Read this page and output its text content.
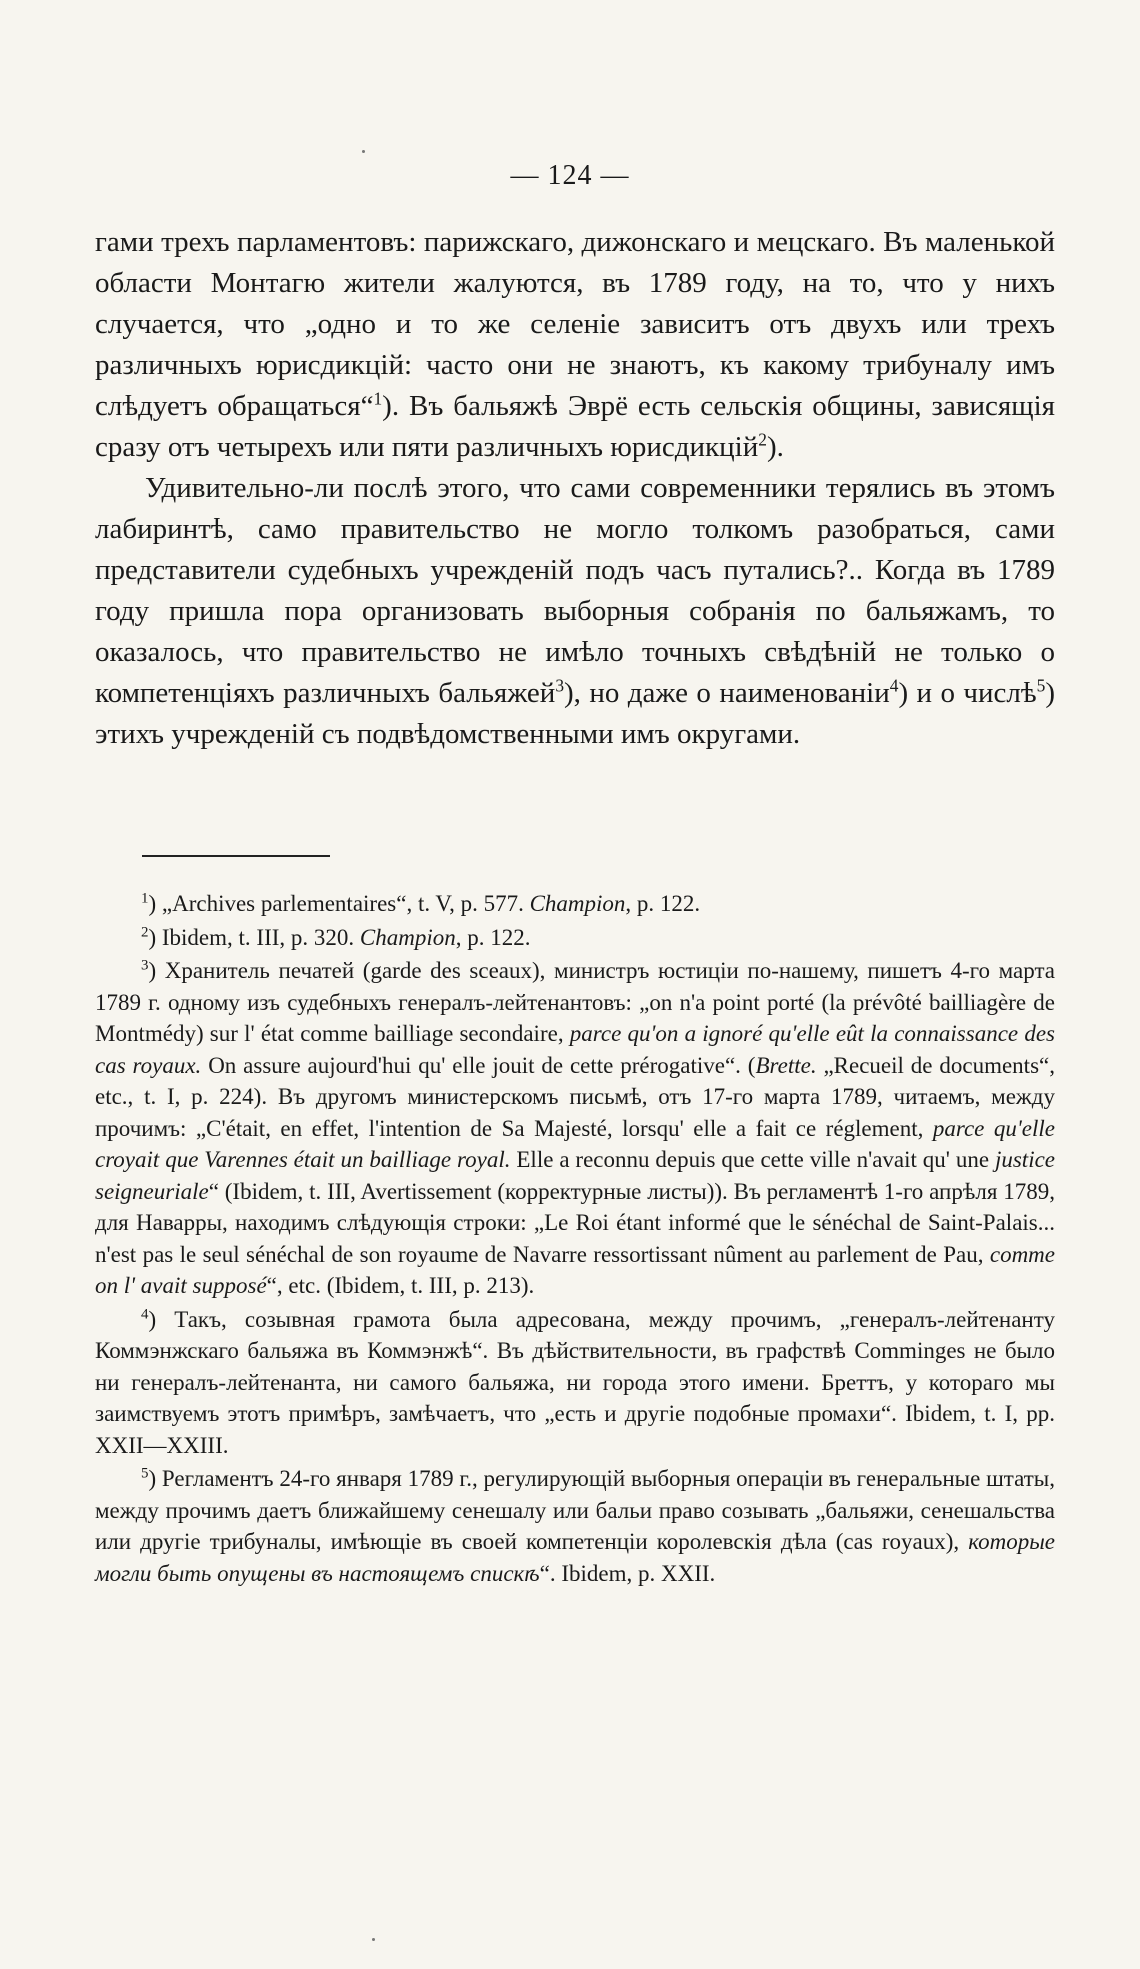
— 124 —

гами трехъ парламентовъ: парижскаго, дижонскаго и мецскаго. Въ маленькой области Монтагю жители жалуются, въ 1789 году, на то, что у нихъ случается, что „одно и то же селеніе зависитъ отъ двухъ или трехъ различныхъ юрисдикцій: часто они не знаютъ, къ какому трибуналу имъ слѣдуетъ обращаться“$^1$). Въ бальяжѣ Эврё есть сельскія общины, зависящія сразу отъ четырехъ или пяти различныхъ юрисдикцій$^2$).

Удивительно-ли послѣ этого, что сами современники терялись въ этомъ лабиринтѣ, само правительство не могло толкомъ разобраться, сами представители судебныхъ учрежденій подъ часъ путались?.. Когда въ 1789 году пришла пора организовать выборныя собранія по бальяжамъ, то оказалось, что правительство не имѣло точныхъ свѣдѣній не только о компетенціяхъ различныхъ бальяжей$^3$), но даже о наименованіи$^4$) и о числѣ$^5$) этихъ учрежденій съ подвѣдомственными имъ округами.

$^1$) „Archives parlementaires“, t. V, p. 577. Champion, p. 122.

$^2$) Ibidem, t. III, p. 320. Champion, p. 122.

$^3$) Хранитель печатей (garde des sceaux), министръ юстиціи по-нашему, пишетъ 4-го марта 1789 г. одному изъ судебныхъ генералъ-лейтенантовъ: „on n'a point porté (la prévôté bailliagère de Montmédy) sur l' état comme bailliage secondaire, parce qu'on a ignoré qu'elle eût la connaissance des cas royaux. On assure aujourd'hui qu' elle jouit de cette prérogative“. (Brette. „Recueil de documents“, etc., t. I, p. 224). Въ другомъ министерскомъ письмѣ, отъ 17-го марта 1789, читаемъ, между прочимъ: „C'était, en effet, l'intention de Sa Majesté, lorsqu' elle a fait ce réglement, parce qu'elle croyait que Varennes était un bailliage royal. Elle a reconnu depuis que cette ville n'avait qu' une justice seigneuriale“ (Ibidem, t. III, Avertissement (корректурные листы)). Въ регламентѣ 1-го апрѣля 1789, для Наварры, находимъ слѣдующія строки: „Le Roi étant informé que le sénéchal de Saint-Palais... n'est pas le seul sénéchal de son royaume de Navarre ressortissant nûment au parlement de Pau, comme on l' avait supposé“, etc. (Ibidem, t. III, p. 213).

$^4$) Такъ, созывная грамота была адресована, между прочимъ, „генералъ-лейтенанту Коммэнжскаго бальяжа въ Коммэнжѣ“. Въ дѣйствительности, въ графствѣ Comminges не было ни генералъ-лейтенанта, ни самого бальяжа, ни города этого имени. Бреттъ, у котораго мы заимствуемъ этотъ примѣръ, замѣчаетъ, что „есть и другіе подобные промахи“. Ibidem, t. I, pp. XXII—XXIII.

$^5$) Регламентъ 24-го января 1789 г., регулирующій выборныя операціи въ генеральные штаты, между прочимъ даетъ ближайшему сенешалу или бальи право созывать „бальяжи, сенешальства или другіе трибуналы, имѣющіе въ своей компетенціи королевскія дѣла (cas royaux), которые могли быть опущены въ настоящемъ спискѣ“. Ibidem, p. XXII.
